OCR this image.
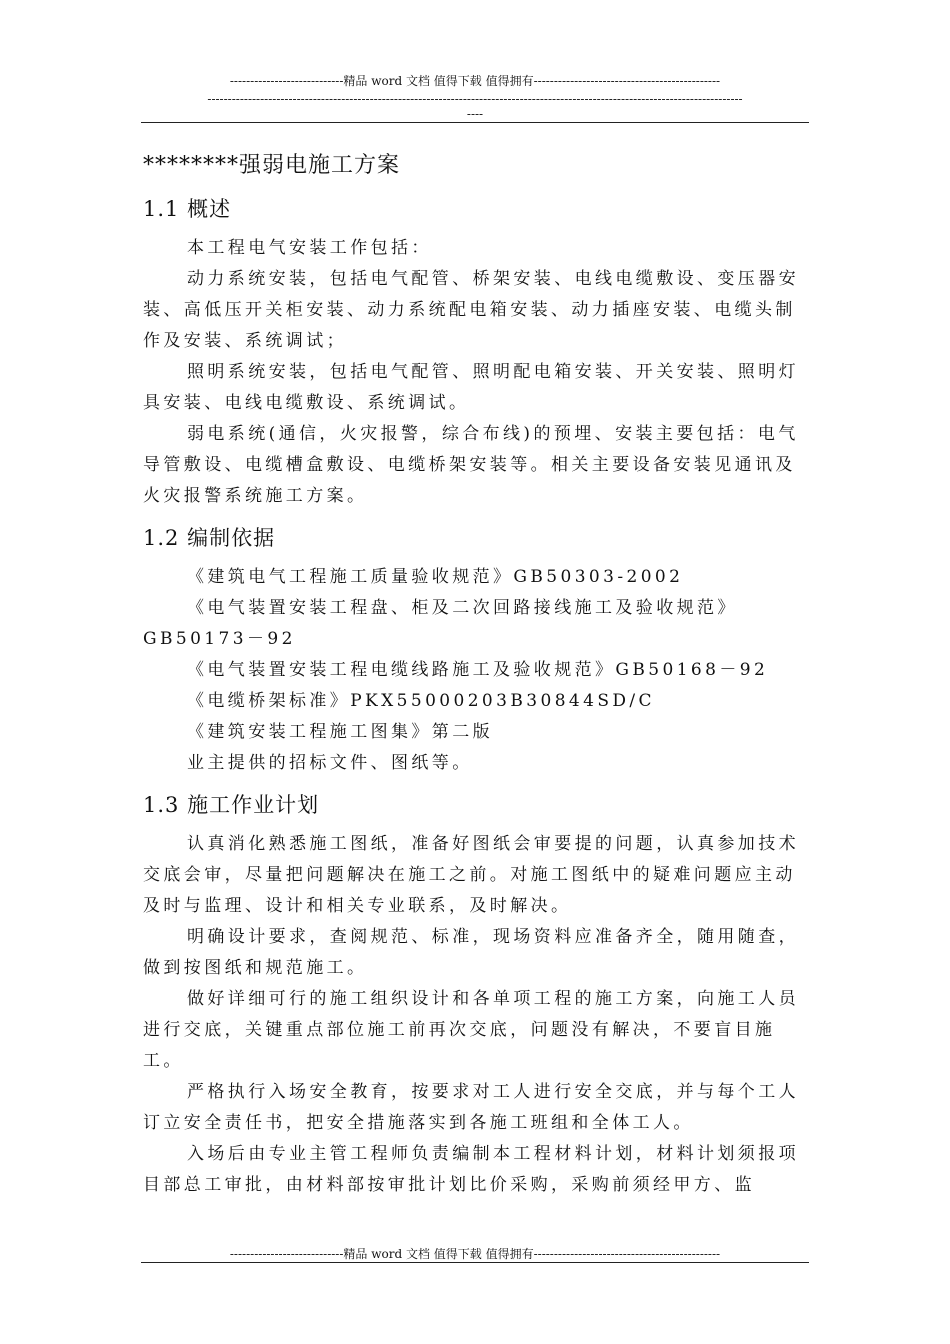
----------------------------精品 word 文档 值得下载 值得拥有----------------------------------------------
------------------------------------------------------------------------------------------------------------------------------------
----
********强弱电施工方案
1.1 概述

本工程电气安装工作包括：

动力系统安装，包括电气配管、桥架安装、电线电缆敷设、变压器安装、高低压开关柜安装、动力系统配电箱安装、动力插座安装、电缆头制作及安装、系统调试；

照明系统安装，包括电气配管、照明配电箱安装、开关安装、照明灯具安装、电线电缆敷设、系统调试。

弱电系统(通信，火灾报警，综合布线)的预埋、安装主要包括：电气导管敷设、电缆槽盒敷设、电缆桥架安装等。相关主要设备安装见通讯及火灾报警系统施工方案。

1.2 编制依据

《建筑电气工程施工质量验收规范》GB50303-2002

《电气装置安装工程盘、柜及二次回路接线施工及验收规范》GB50173－92

《电气装置安装工程电缆线路施工及验收规范》GB50168－92

《电缆桥架标准》PKX55000203B30844SD/C

《建筑安装工程施工图集》第二版

业主提供的招标文件、图纸等。

1.3 施工作业计划

认真消化熟悉施工图纸，准备好图纸会审要提的问题，认真参加技术交底会审，尽量把问题解决在施工之前。对施工图纸中的疑难问题应主动及时与监理、设计和相关专业联系，及时解决。

明确设计要求，查阅规范、标准，现场资料应准备齐全，随用随查，做到按图纸和规范施工。

做好详细可行的施工组织设计和各单项工程的施工方案，向施工人员进行交底，关键重点部位施工前再次交底，问题没有解决，不要盲目施工。

严格执行入场安全教育，按要求对工人进行安全交底，并与每个工人订立安全责任书，把安全措施落实到各施工班组和全体工人。

入场后由专业主管工程师负责编制本工程材料计划，材料计划须报项目部总工审批，由材料部按审批计划比价采购，采购前须经甲方、监

----------------------------精品 word 文档 值得下载 值得拥有----------------------------------------------
